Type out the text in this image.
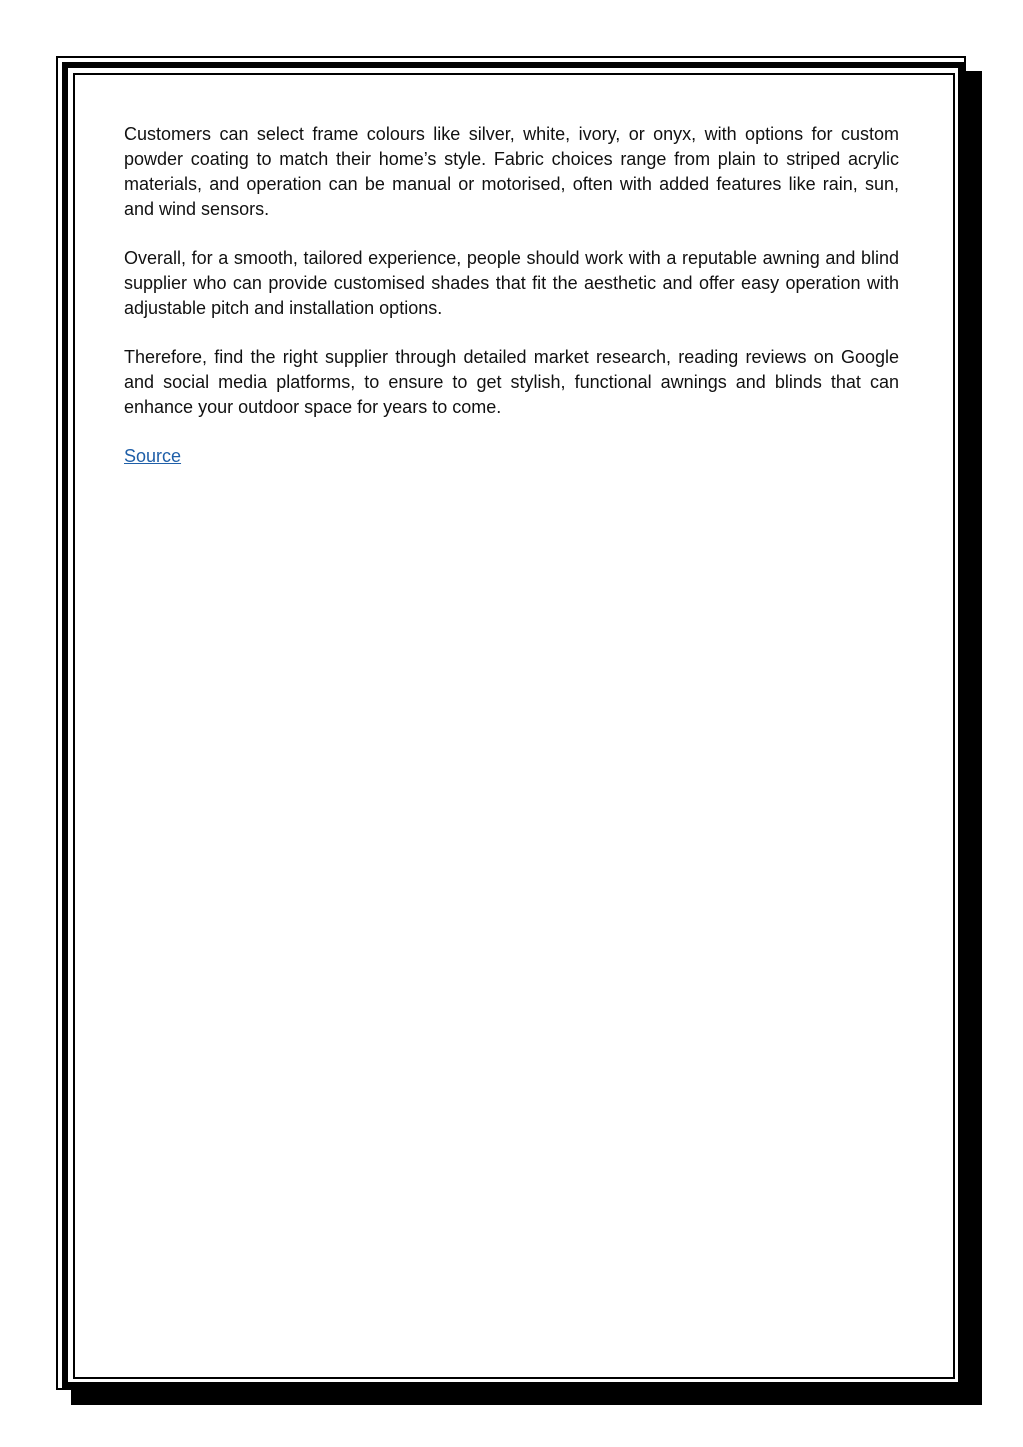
Customers can select frame colours like silver, white, ivory, or onyx, with options for custom powder coating to match their home’s style. Fabric choices range from plain to striped acrylic materials, and operation can be manual or motorised, often with added features like rain, sun, and wind sensors.

Overall, for a smooth, tailored experience, people should work with a reputable awning and blind supplier who can provide customised shades that fit the aesthetic and offer easy operation with adjustable pitch and installation options.

Therefore, find the right supplier through detailed market research, reading reviews on Google and social media platforms, to ensure to get stylish, functional awnings and blinds that can enhance your outdoor space for years to come.

Source
